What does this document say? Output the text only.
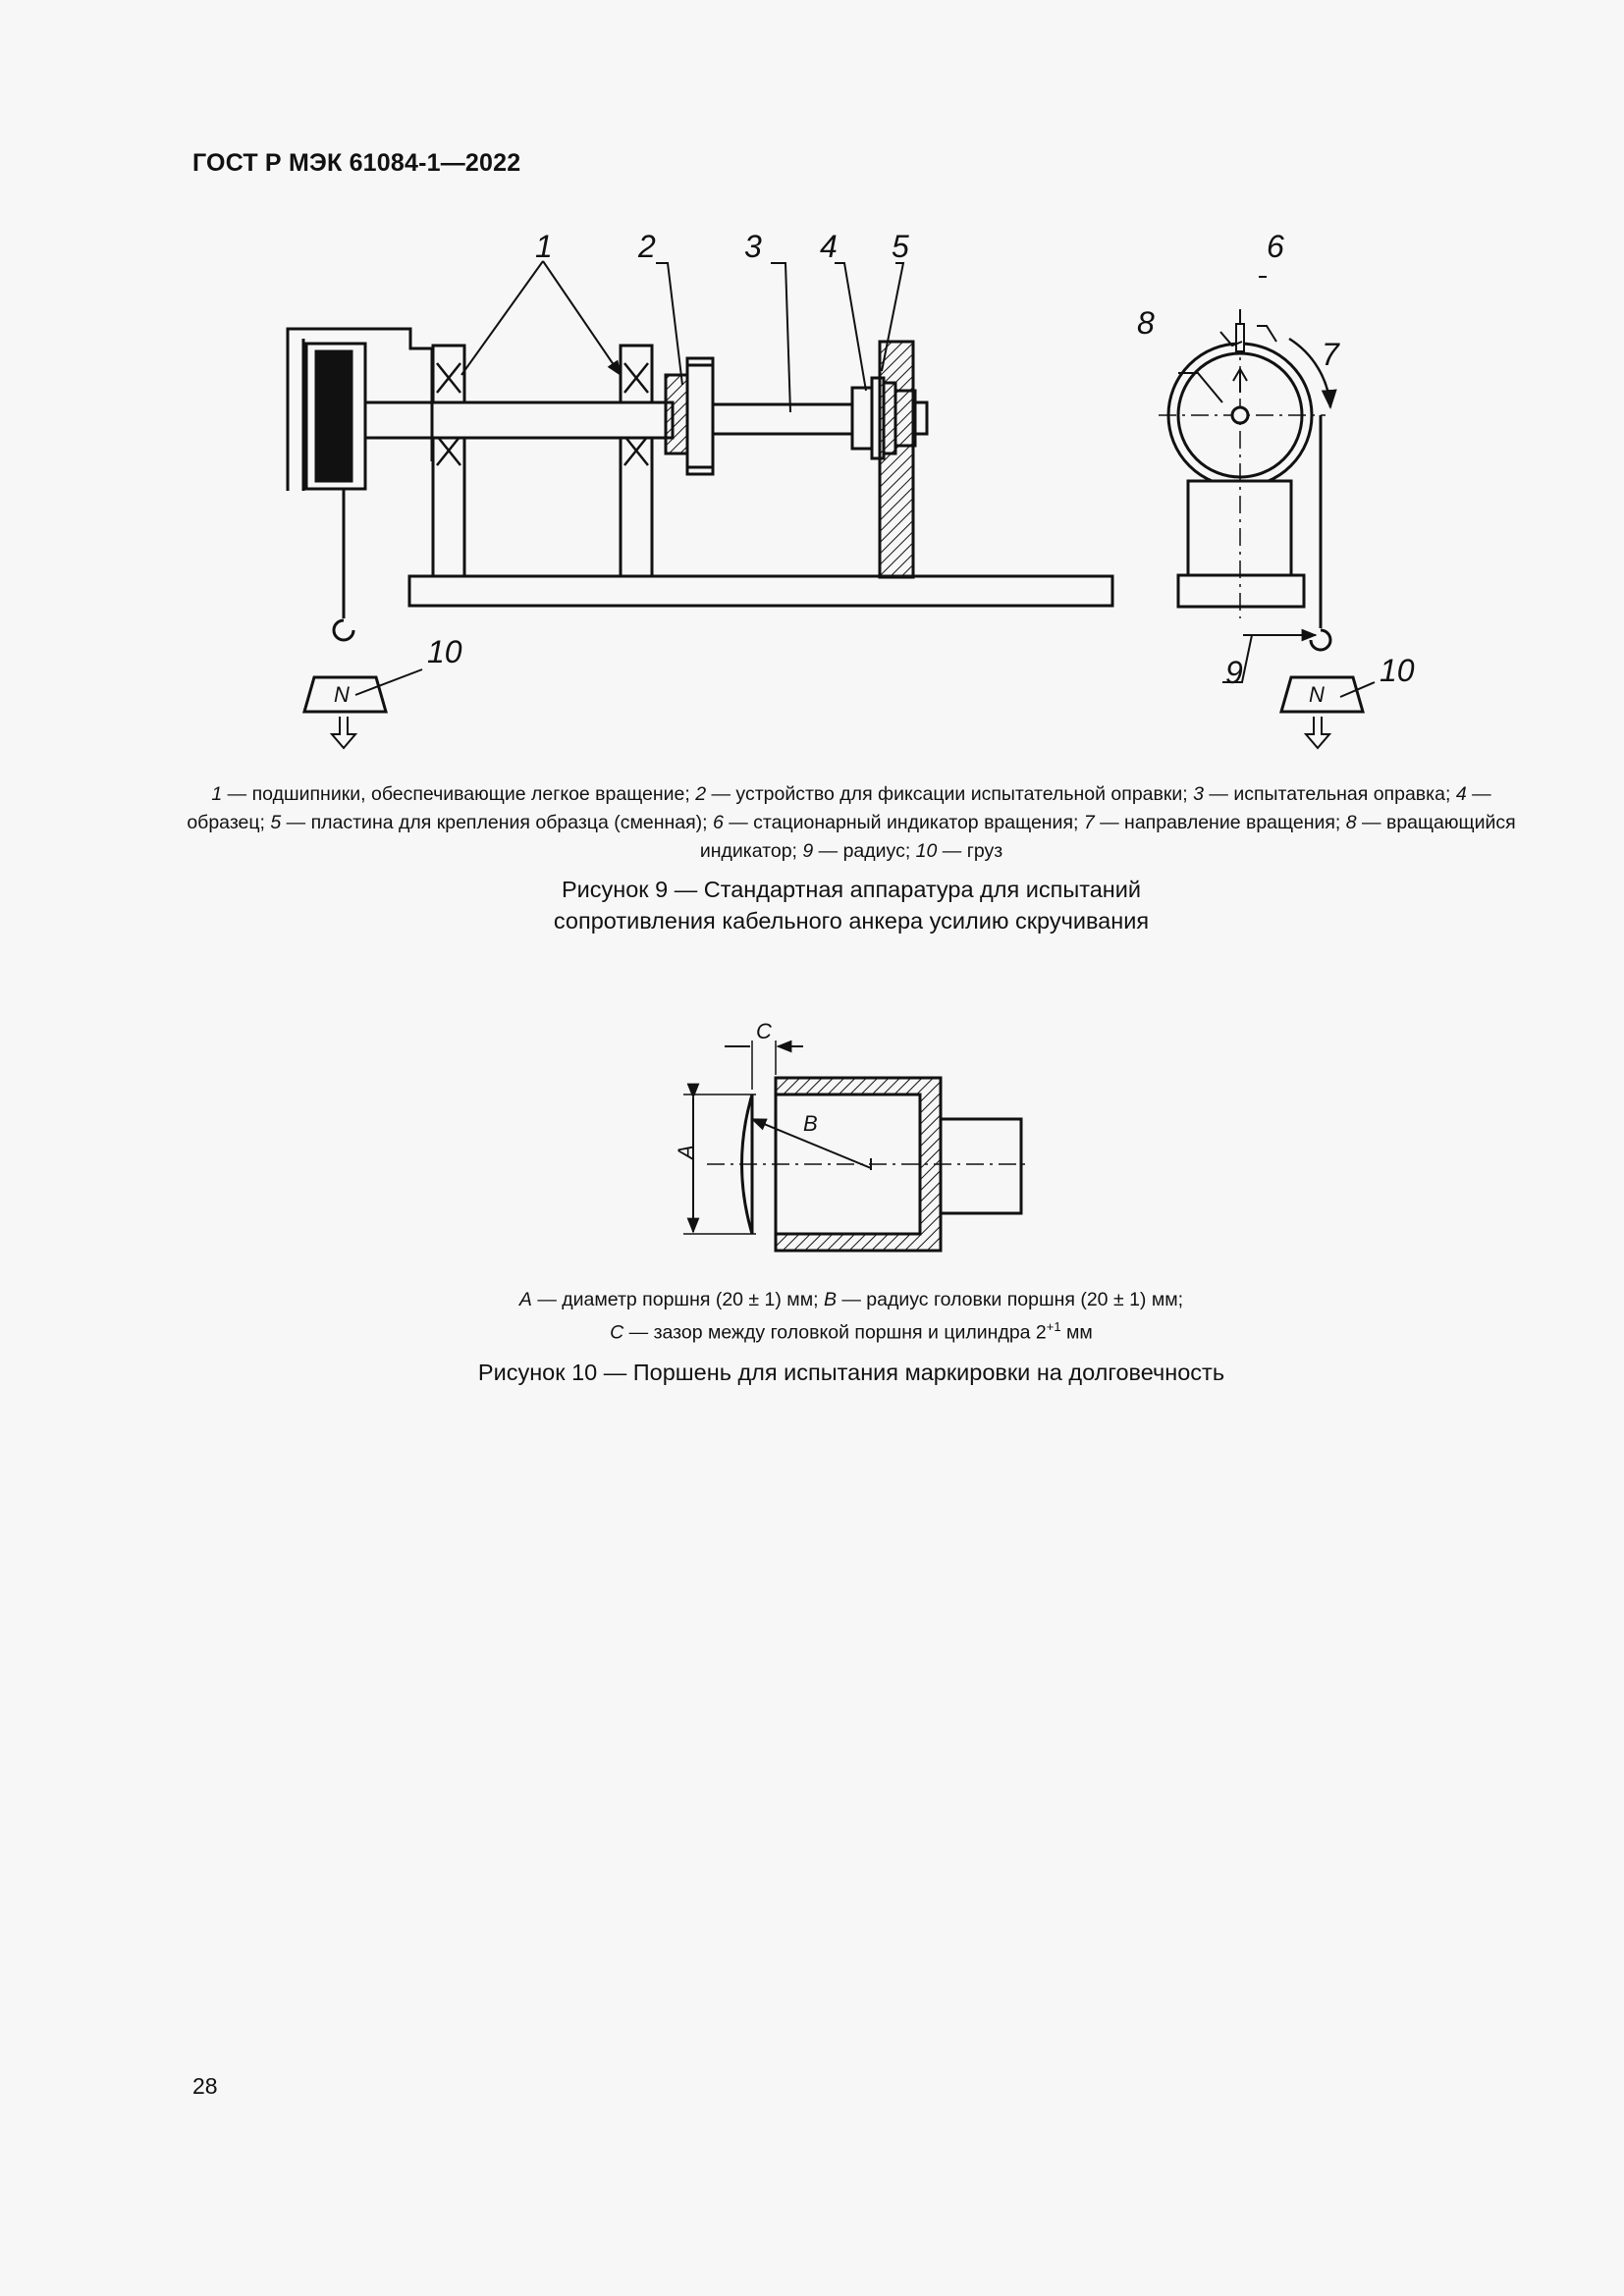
ГОСТ Р МЭК 61084-1—2022
1	2	3 4 5	6
7
8
9
10
10
N	N
1 — подшипники, обеспечивающие легкое вращение; 2 — устройство для фиксации испытательной оправки; 3 — испытательная оправка; 4 — образец; 5 — пластина для крепления образца (сменная); 6 — стационарный индикатор вращения; 7 — направление вращения; 8 — вращающийся индикатор; 9 — радиус; 10 — груз
Рисунок 9 — Стандартная аппаратура для испытаний
сопротивления кабельного анкера усилию скручивания
C
B
A
A — диаметр поршня (20 ± 1) мм; B — радиус головки поршня (20 ± 1) мм;
C — зазор между головкой поршня и цилиндра $2^{+1}$ мм
Рисунок 10 — Поршень для испытания маркировки на долговечность
28
